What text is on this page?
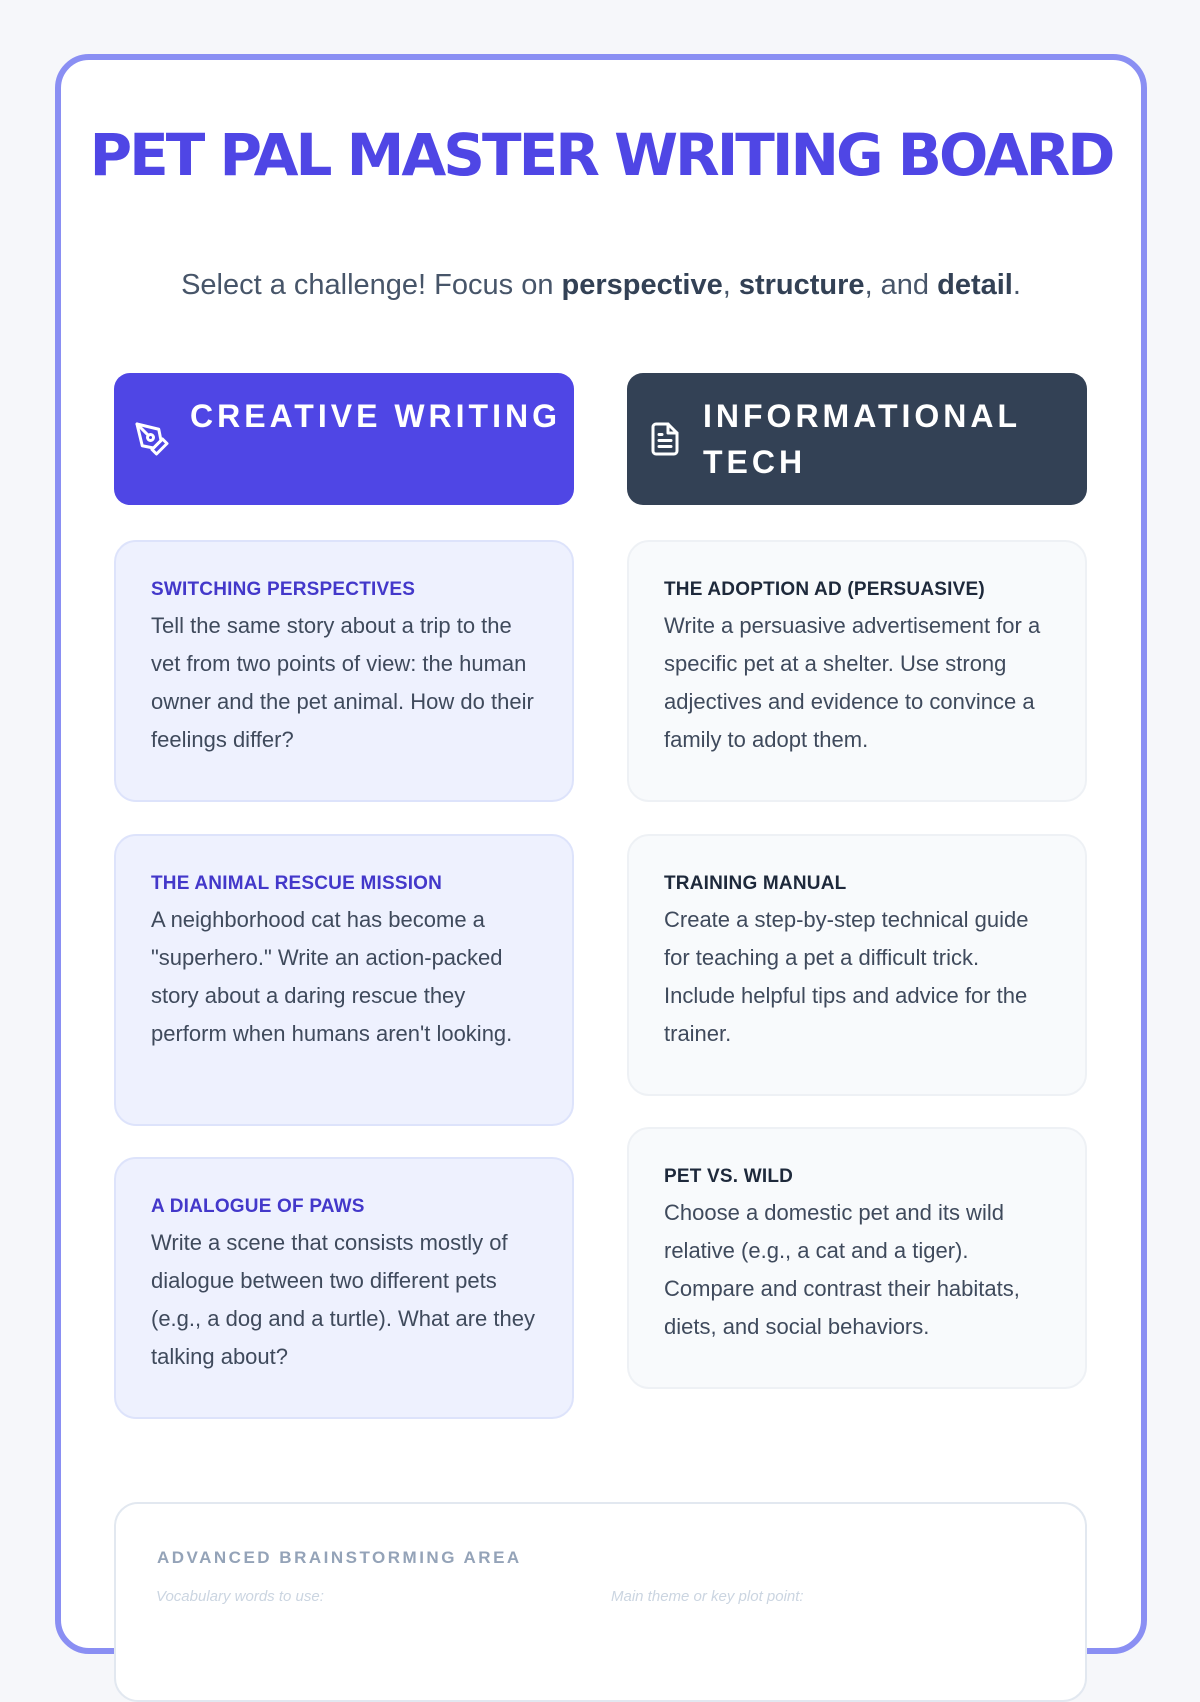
PET PAL MASTER WRITING BOARD

Select a challenge! Focus on perspective, structure, and detail.

CREATIVE WRITING	INFORMATIONAL TECH
SWITCHING PERSPECTIVES
Tell the same story about a trip to the vet from two points of view: the human owner and the pet animal. How do their feelings differ?
THE ANIMAL RESCUE MISSION
A neighborhood cat has become a "superhero." Write an action-packed story about a daring rescue they perform when humans aren't looking.
A DIALOGUE OF PAWS
Write a scene that consists mostly of dialogue between two different pets (e.g., a dog and a turtle). What are they talking about?
THE ADOPTION AD (PERSUASIVE)
Write a persuasive advertisement for a specific pet at a shelter. Use strong adjectives and evidence to convince a family to adopt them.
TRAINING MANUAL
Create a step-by-step technical guide for teaching a pet a difficult trick. Include helpful tips and advice for the trainer.
PET VS. WILD
Choose a domestic pet and its wild relative (e.g., a cat and a tiger). Compare and contrast their habitats, diets, and social behaviors.
ADVANCED BRAINSTORMING AREA
Vocabulary words to use:
Main theme or key plot point:
